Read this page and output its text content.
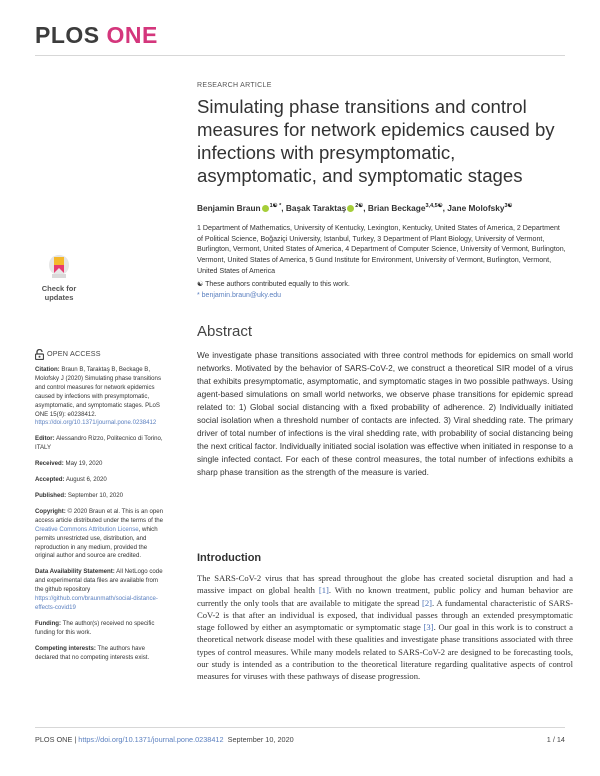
PLOS ONE
RESEARCH ARTICLE
Simulating phase transitions and control measures for network epidemics caused by infections with presymptomatic, asymptomatic, and symptomatic stages
Benjamin Braun $^{1☯ *}$, Başak Taraktaş $^{2☯}$, Brian Beckage$^{3,4,5☯}$, Jane Molofsky$^{3☯}$
1 Department of Mathematics, University of Kentucky, Lexington, Kentucky, United States of America, 2 Department of Political Science, Boğaziçi University, Istanbul, Turkey, 3 Department of Plant Biology, University of Vermont, Burlington, Vermont, United States of America, 4 Department of Computer Science, University of Vermont, Burlington, Vermont, United States of America, 5 Gund Institute for Environment, University of Vermont, Burlington, Vermont, United States of America
☯ These authors contributed equally to this work.
* benjamin.braun@uky.edu
Check for
updates
OPEN ACCESS
Citation: Braun B, Taraktaş B, Beckage B, Molofsky J (2020) Simulating phase transitions and control measures for network epidemics caused by infections with presymptomatic, asymptomatic, and symptomatic stages. PLoS ONE 15(9): e0238412. https://doi.org/10.1371/journal.pone.0238412
Editor: Alessandro Rizzo, Politecnico di Torino, ITALY
Received: May 19, 2020
Accepted: August 6, 2020
Published: September 10, 2020
Copyright: © 2020 Braun et al. This is an open access article distributed under the terms of the Creative Commons Attribution License, which permits unrestricted use, distribution, and reproduction in any medium, provided the original author and source are credited.
Data Availability Statement: All NetLogo code and experimental data files are available from the github repository https://github.com/braunmath/social-distance-effects-covid19
Funding: The author(s) received no specific funding for this work.
Competing interests: The authors have declared that no competing interests exist.
Abstract
We investigate phase transitions associated with three control methods for epidemics on small world networks. Motivated by the behavior of SARS-CoV-2, we construct a theoretical SIR model of a virus that exhibits presymptomatic, asymptomatic, and symptomatic stages in two possible pathways. Using agent-based simulations on small world networks, we observe phase transitions for epidemic spread related to: 1) Global social distancing with a fixed probability of adherence. 2) Individually initiated social isolation when a threshold number of contacts are infected. 3) Viral shedding rate. The primary driver of total number of infections is the viral shedding rate, with probability of social distancing being the next critical factor. Individually initiated social isolation was effective when initiated in response to a single infected contact. For each of these control measures, the total number of infections exhibits a sharp phase transition as the strength of the measure is varied.
Introduction
The SARS-CoV-2 virus that has spread throughout the globe has created societal disruption and had a massive impact on global health [1]. With no known treatment, public policy and human behavior are currently the only tools that are available to mitigate the spread [2]. A fundamental characteristic of SARS-CoV-2 is that after an individual is exposed, that individual passes through an extended presymptomatic stage followed by either an asymptomatic or symptomatic stage [3]. Our goal in this work is to construct a theoretical network disease model with these qualities and investigate phase transitions associated with three types of control measures. While many models related to SARS-CoV-2 are designed to be forecasting tools, our study is intended as a contribution to the theoretical literature regarding qualitative aspects of control measures for viruses with these pathways of disease progression.
PLOS ONE | https://doi.org/10.1371/journal.pone.0238412 September 10, 2020	1 / 14
